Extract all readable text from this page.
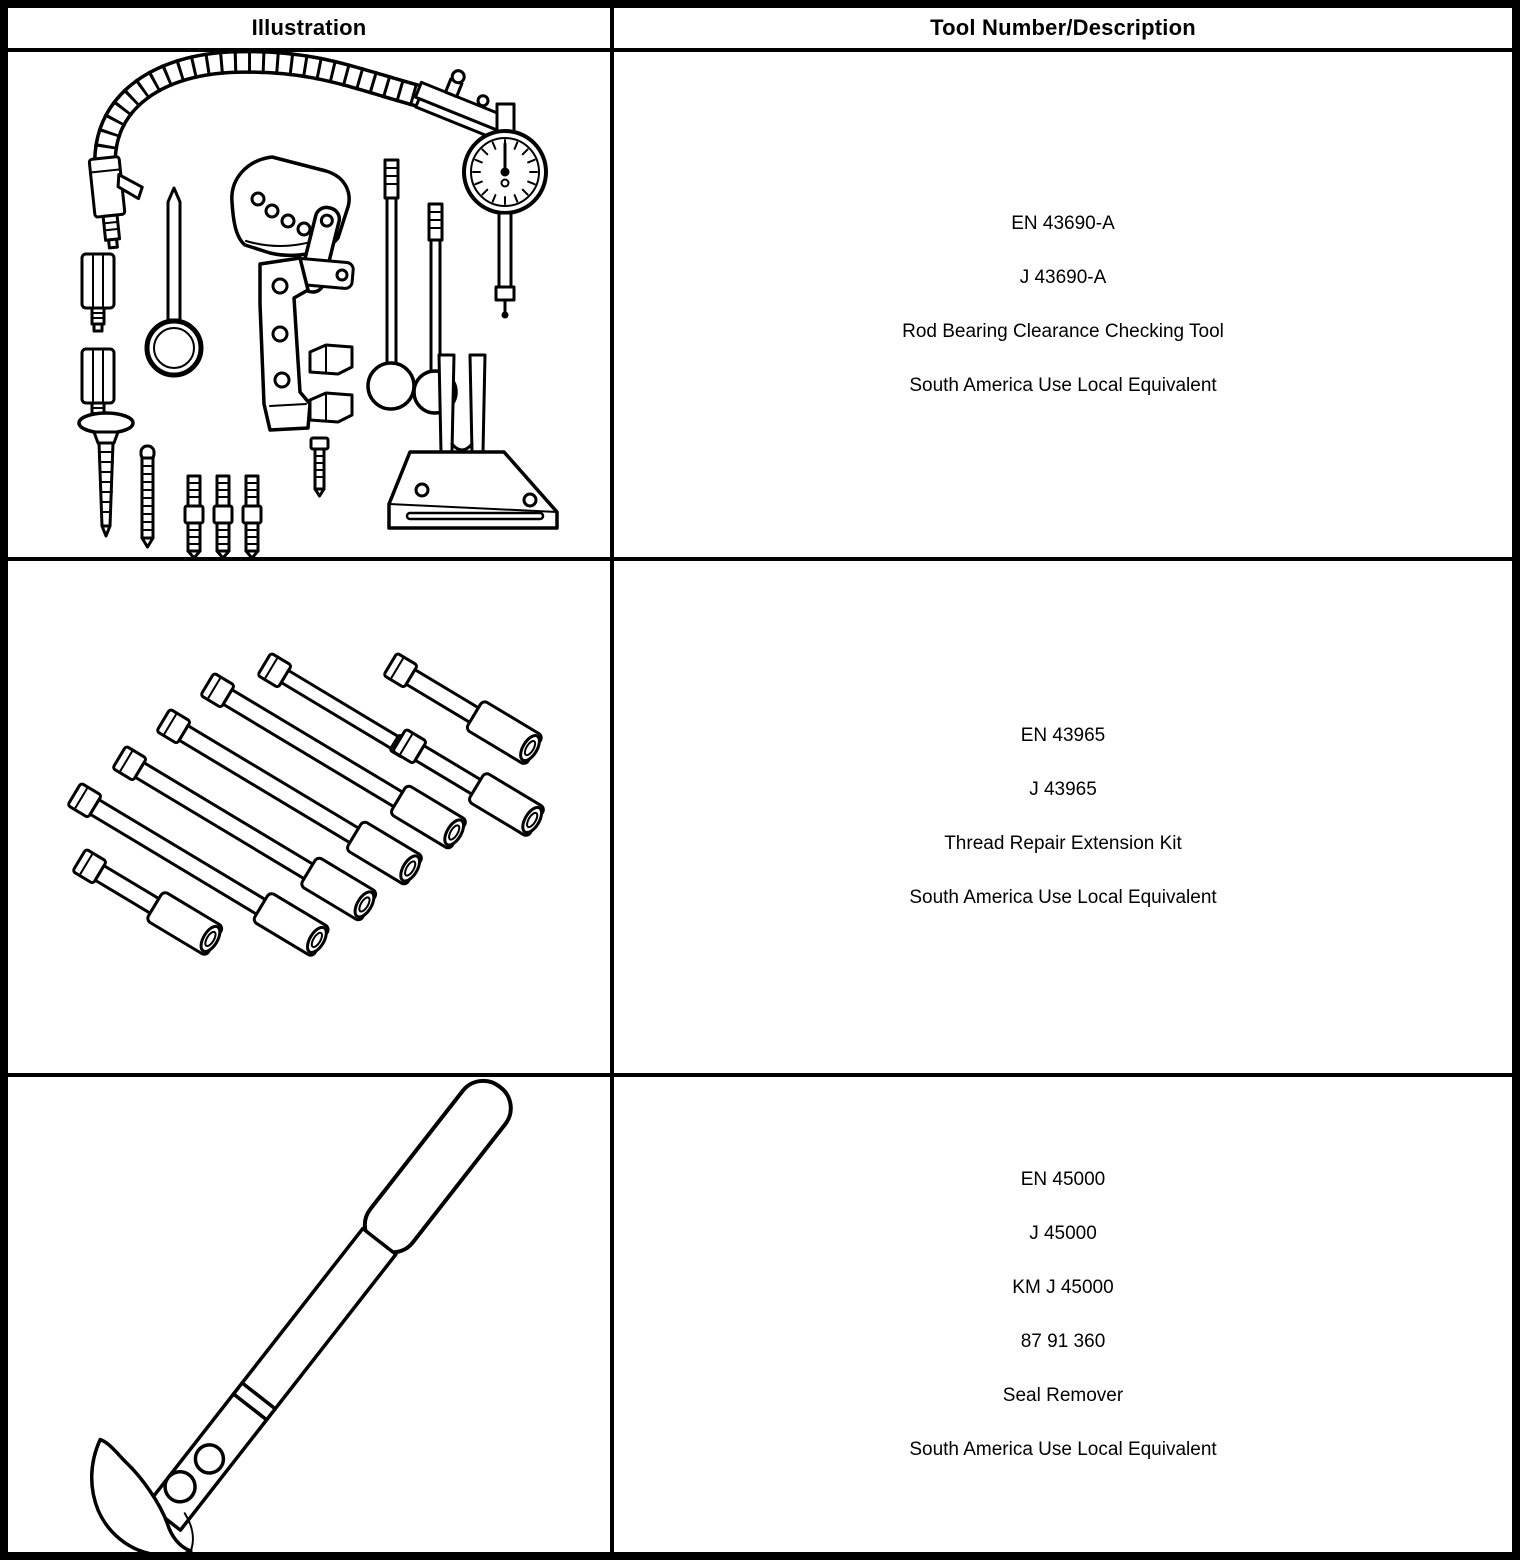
Illustration	Tool Number/Description
EN 43690-A
J 43690-A
Rod Bearing Clearance Checking Tool
South America Use Local Equivalent
EN 43965
J 43965
Thread Repair Extension Kit
South America Use Local Equivalent
EN 45000
J 45000
KM J 45000
87 91 360
Seal Remover
South America Use Local Equivalent
